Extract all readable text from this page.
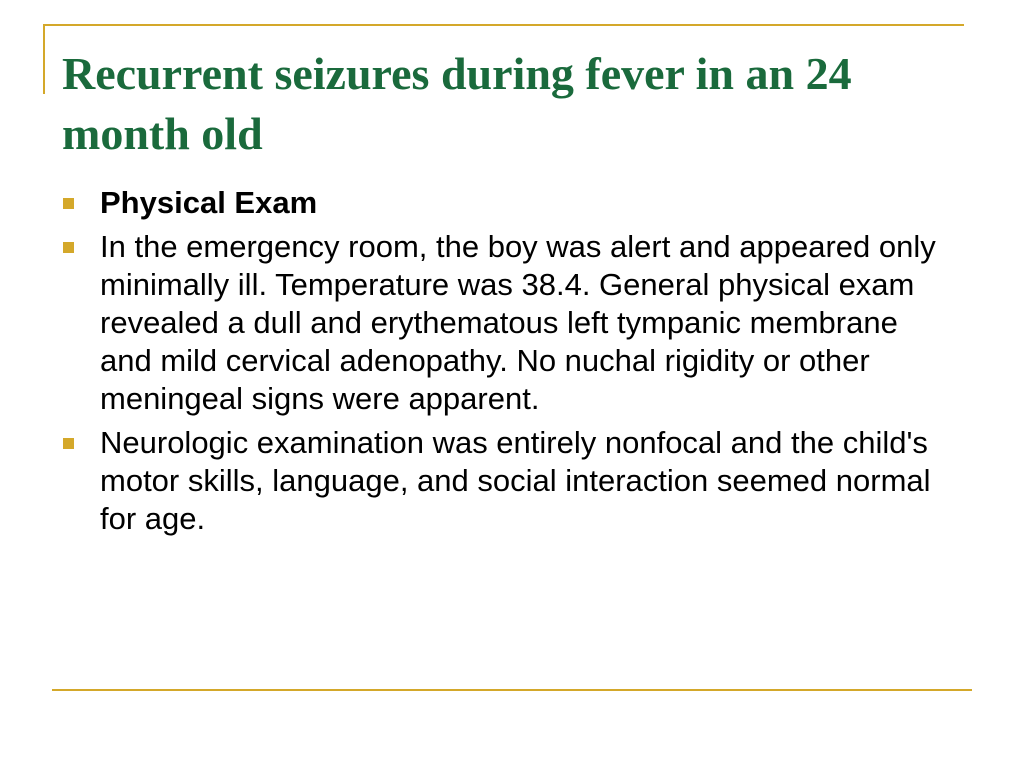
Recurrent seizures during fever in an 24 month old
Physical Exam
In the emergency room, the boy was alert and appeared only minimally ill. Temperature was 38.4. General physical exam revealed a dull and erythematous left tympanic membrane and mild cervical adenopathy. No nuchal rigidity or other meningeal signs were apparent.
Neurologic examination was entirely nonfocal and the child's motor skills, language, and social interaction seemed normal for age.
